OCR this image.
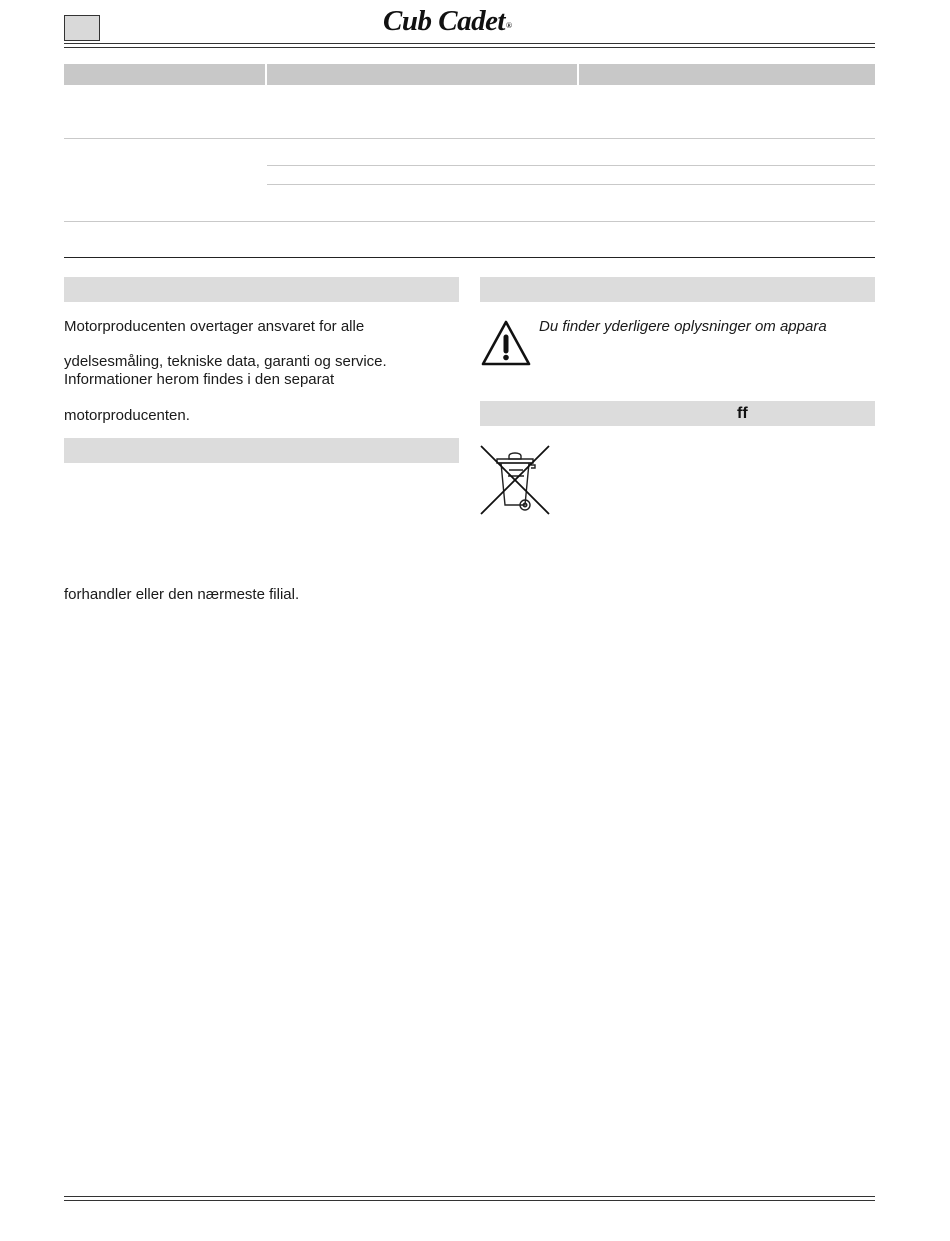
Cub Cadet®
Motorproducenten overtager ansvaret for alle
ydelsesmåling, tekniske data, garanti og service.
Informationer herom findes i den separat
motorproducenten.
forhandler eller den nærmeste filial.
Du finder yderligere oplysninger om appara
ff
